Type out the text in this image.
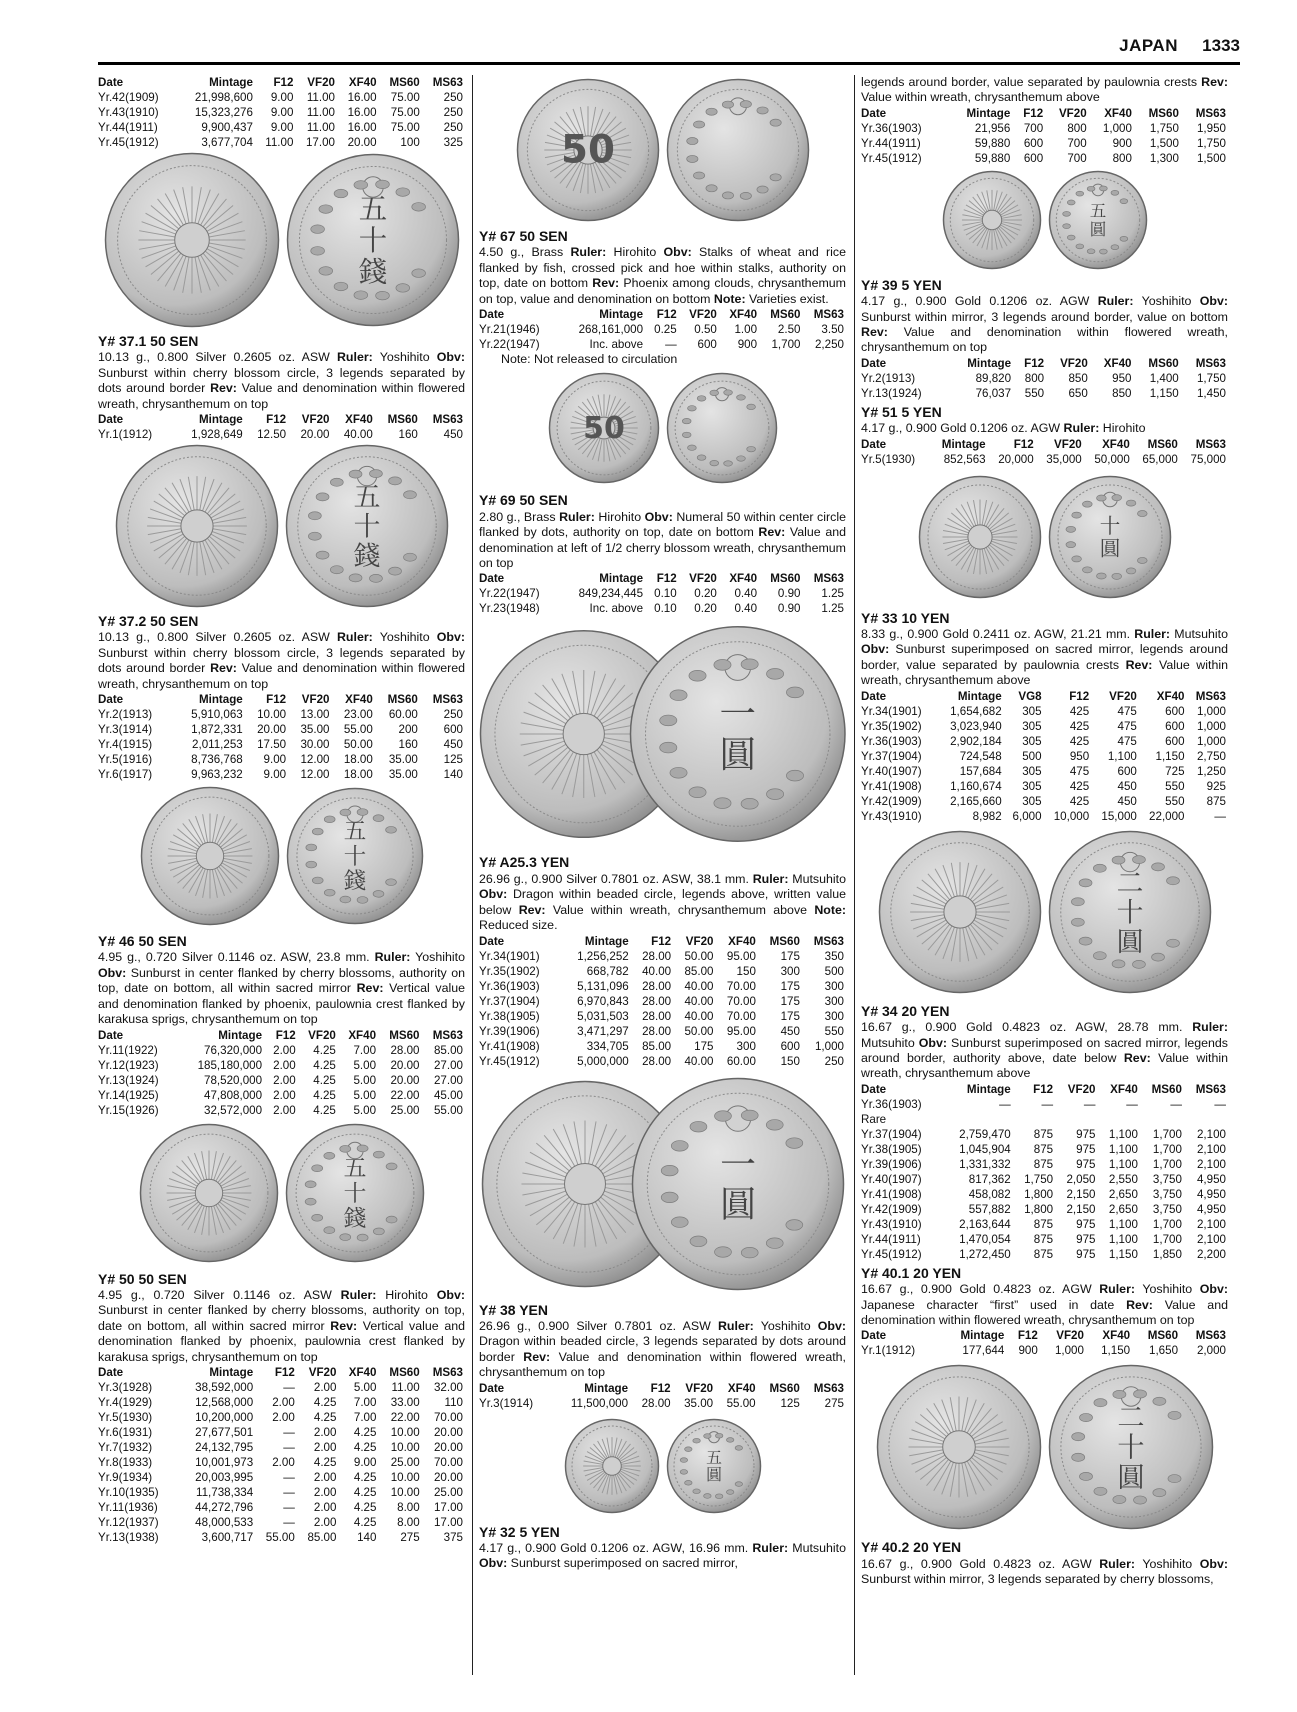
JAPAN 1333
Date	Mintage	F12	VF20	XF40	MS60	MS63
Yr.42(1909)	21,998,600	9.00	11.00	16.00	75.00	250
Yr.43(1910)	15,323,276	9.00	11.00	16.00	75.00	250
Yr.44(1911)	9,900,437	9.00	11.00	16.00	75.00	250
Yr.45(1912)	3,677,704	11.00	17.00	20.00	100	325
五
十
錢
Y# 37.1 50 SEN
10.13 g., 0.800 Silver 0.2605 oz. ASW Ruler: Yoshihito Obv: Sunburst within cherry blossom circle, 3 legends separated by dots around border Rev: Value and denomination within flowered wreath, chrysanthemum on top
Date	Mintage	F12	VF20	XF40	MS60	MS63
Yr.1(1912)	1,928,649	12.50	20.00	40.00	160	450
五
十
錢
Y# 37.2 50 SEN
10.13 g., 0.800 Silver 0.2605 oz. ASW Ruler: Yoshihito Obv: Sunburst within cherry blossom circle, 3 legends separated by dots around border Rev: Value and denomination within flowered wreath, chrysanthemum on top
Date	Mintage	F12	VF20	XF40	MS60	MS63
Yr.2(1913)	5,910,063	10.00	13.00	23.00	60.00	250
Yr.3(1914)	1,872,331	20.00	35.00	55.00	200	600
Yr.4(1915)	2,011,253	17.50	30.00	50.00	160	450
Yr.5(1916)	8,736,768	9.00	12.00	18.00	35.00	125
Yr.6(1917)	9,963,232	9.00	12.00	18.00	35.00	140
五
十
錢
Y# 46 50 SEN
4.95 g., 0.720 Silver 0.1146 oz. ASW, 23.8 mm. Ruler: Yoshihito Obv: Sunburst in center flanked by cherry blossoms, authority on top, date on bottom, all within sacred mirror Rev: Vertical value and denomination flanked by phoenix, paulownia crest flanked by karakusa sprigs, chrysanthemum on top
Date	Mintage	F12	VF20	XF40	MS60	MS63
Yr.11(1922)	76,320,000	2.00	4.25	7.00	28.00	85.00
Yr.12(1923)	185,180,000	2.00	4.25	5.00	20.00	27.00
Yr.13(1924)	78,520,000	2.00	4.25	5.00	20.00	27.00
Yr.14(1925)	47,808,000	2.00	4.25	5.00	22.00	45.00
Yr.15(1926)	32,572,000	2.00	4.25	5.00	25.00	55.00
五
十
錢
Y# 50 50 SEN
4.95 g., 0.720 Silver 0.1146 oz. ASW Ruler: Hirohito Obv: Sunburst in center flanked by cherry blossoms, authority on top, date on bottom, all within sacred mirror Rev: Vertical value and denomination flanked by phoenix, paulownia crest flanked by karakusa sprigs, chrysanthemum on top
Date	Mintage	F12	VF20	XF40	MS60	MS63
Yr.3(1928)	38,592,000	—	2.00	5.00	11.00	32.00
Yr.4(1929)	12,568,000	2.00	4.25	7.00	33.00	110
Yr.5(1930)	10,200,000	2.00	4.25	7.00	22.00	70.00
Yr.6(1931)	27,677,501	—	2.00	4.25	10.00	20.00
Yr.7(1932)	24,132,795	—	2.00	4.25	10.00	20.00
Yr.8(1933)	10,001,973	2.00	4.25	9.00	25.00	70.00
Yr.9(1934)	20,003,995	—	2.00	4.25	10.00	20.00
Yr.10(1935)	11,738,334	—	2.00	4.25	10.00	25.00
Yr.11(1936)	44,272,796	—	2.00	4.25	8.00	17.00
Yr.12(1937)	48,000,533	—	2.00	4.25	8.00	17.00
Yr.13(1938)	3,600,717	55.00	85.00	140	275	375
50
Y# 67 50 SEN
4.50 g., Brass Ruler: Hirohito Obv: Stalks of wheat and rice flanked by fish, crossed pick and hoe within stalks, authority on top, date on bottom Rev: Phoenix among clouds, chrysanthemum on top, value and denomination on bottom Note: Varieties exist.
Date	Mintage	F12	VF20	XF40	MS60	MS63
Yr.21(1946)	268,161,000	0.25	0.50	1.00	2.50	3.50
Yr.22(1947)	Inc. above	—	600	900	1,700	2,250
Note: Not released to circulation
50
Y# 69 50 SEN
2.80 g., Brass Ruler: Hirohito Obv: Numeral 50 within center circle flanked by dots, authority on top, date on bottom Rev: Value and denomination at left of 1/2 cherry blossom wreath, chrysanthemum on top
Date	Mintage	F12	VF20	XF40	MS60	MS63
Yr.22(1947)	849,234,445	0.10	0.20	0.40	0.90	1.25
Yr.23(1948)	Inc. above	0.10	0.20	0.40	0.90	1.25
一
圓
Y# A25.3 YEN
26.96 g., 0.900 Silver 0.7801 oz. ASW, 38.1 mm. Ruler: Mutsuhito Obv: Dragon within beaded circle, legends above, written value below Rev: Value within wreath, chrysanthemum above Note: Reduced size.
Date	Mintage	F12	VF20	XF40	MS60	MS63
Yr.34(1901)	1,256,252	28.00	50.00	95.00	175	350
Yr.35(1902)	668,782	40.00	85.00	150	300	500
Yr.36(1903)	5,131,096	28.00	40.00	70.00	175	300
Yr.37(1904)	6,970,843	28.00	40.00	70.00	175	300
Yr.38(1905)	5,031,503	28.00	40.00	70.00	175	300
Yr.39(1906)	3,471,297	28.00	50.00	95.00	450	550
Yr.41(1908)	334,705	85.00	175	300	600	1,000
Yr.45(1912)	5,000,000	28.00	40.00	60.00	150	250
一
圓
Y# 38 YEN
26.96 g., 0.900 Silver 0.7801 oz. ASW Ruler: Yoshihito Obv: Dragon within beaded circle, 3 legends separated by dots around border Rev: Value and denomination within flowered wreath, chrysanthemum on top
Date	Mintage	F12	VF20	XF40	MS60	MS63
Yr.3(1914)	11,500,000	28.00	35.00	55.00	125	275
五
圓
Y# 32 5 YEN
4.17 g., 0.900 Gold 0.1206 oz. AGW, 16.96 mm. Ruler: Mutsuhito Obv: Sunburst superimposed on sacred mirror,
legends around border, value separated by paulownia crests Rev: Value within wreath, chrysanthemum above
Date	Mintage	F12	VF20	XF40	MS60	MS63
Yr.36(1903)	21,956	700	800	1,000	1,750	1,950
Yr.44(1911)	59,880	600	700	900	1,500	1,750
Yr.45(1912)	59,880	600	700	800	1,300	1,500
五
圓
Y# 39 5 YEN
4.17 g., 0.900 Gold 0.1206 oz. AGW Ruler: Yoshihito Obv: Sunburst within mirror, 3 legends around border, value on bottom Rev: Value and denomination within flowered wreath, chrysanthemum on top
Date	Mintage	F12	VF20	XF40	MS60	MS63
Yr.2(1913)	89,820	800	850	950	1,400	1,750
Yr.13(1924)	76,037	550	650	850	1,150	1,450
Y# 51 5 YEN
4.17 g., 0.900 Gold 0.1206 oz. AGW Ruler: Hirohito
Date	Mintage	F12	VF20	XF40	MS60	MS63
Yr.5(1930)	852,563	20,000	35,000	50,000	65,000	75,000
十
圓
Y# 33 10 YEN
8.33 g., 0.900 Gold 0.2411 oz. AGW, 21.21 mm. Ruler: Mutsuhito Obv: Sunburst superimposed on sacred mirror, legends around border, value separated by paulownia crests Rev: Value within wreath, chrysanthemum above
Date	Mintage	VG8	F12	VF20	XF40	MS63
Yr.34(1901)	1,654,682	305	425	475	600	1,000
Yr.35(1902)	3,023,940	305	425	475	600	1,000
Yr.36(1903)	2,902,184	305	425	475	600	1,000
Yr.37(1904)	724,548	500	950	1,100	1,150	2,750
Yr.40(1907)	157,684	305	475	600	725	1,250
Yr.41(1908)	1,160,674	305	425	450	550	925
Yr.42(1909)	2,165,660	305	425	450	550	875
Yr.43(1910)	8,982	6,000	10,000	15,000	22,000	—
二
十
圓
Y# 34 20 YEN
16.67 g., 0.900 Gold 0.4823 oz. AGW, 28.78 mm. Ruler: Mutsuhito Obv: Sunburst superimposed on sacred mirror, legends around border, authority above, date below Rev: Value within wreath, chrysanthemum above
Date	Mintage	F12	VF20	XF40	MS60	MS63
Yr.36(1903)	—	—	—	—	—	—
Rare						
Yr.37(1904)	2,759,470	875	975	1,100	1,700	2,100
Yr.38(1905)	1,045,904	875	975	1,100	1,700	2,100
Yr.39(1906)	1,331,332	875	975	1,100	1,700	2,100
Yr.40(1907)	817,362	1,750	2,050	2,550	3,750	4,950
Yr.41(1908)	458,082	1,800	2,150	2,650	3,750	4,950
Yr.42(1909)	557,882	1,800	2,150	2,650	3,750	4,950
Yr.43(1910)	2,163,644	875	975	1,100	1,700	2,100
Yr.44(1911)	1,470,054	875	975	1,100	1,700	2,100
Yr.45(1912)	1,272,450	875	975	1,150	1,850	2,200
Y# 40.1 20 YEN
16.67 g., 0.900 Gold 0.4823 oz. AGW Ruler: Yoshihito Obv: Japanese character “first” used in date Rev: Value and denomination within flowered wreath, chrysanthemum on top
Date	Mintage	F12	VF20	XF40	MS60	MS63
Yr.1(1912)	177,644	900	1,000	1,150	1,650	2,000
二
十
圓
Y# 40.2 20 YEN
16.67 g., 0.900 Gold 0.4823 oz. AGW Ruler: Yoshihito Obv: Sunburst within mirror, 3 legends separated by cherry blossoms,
